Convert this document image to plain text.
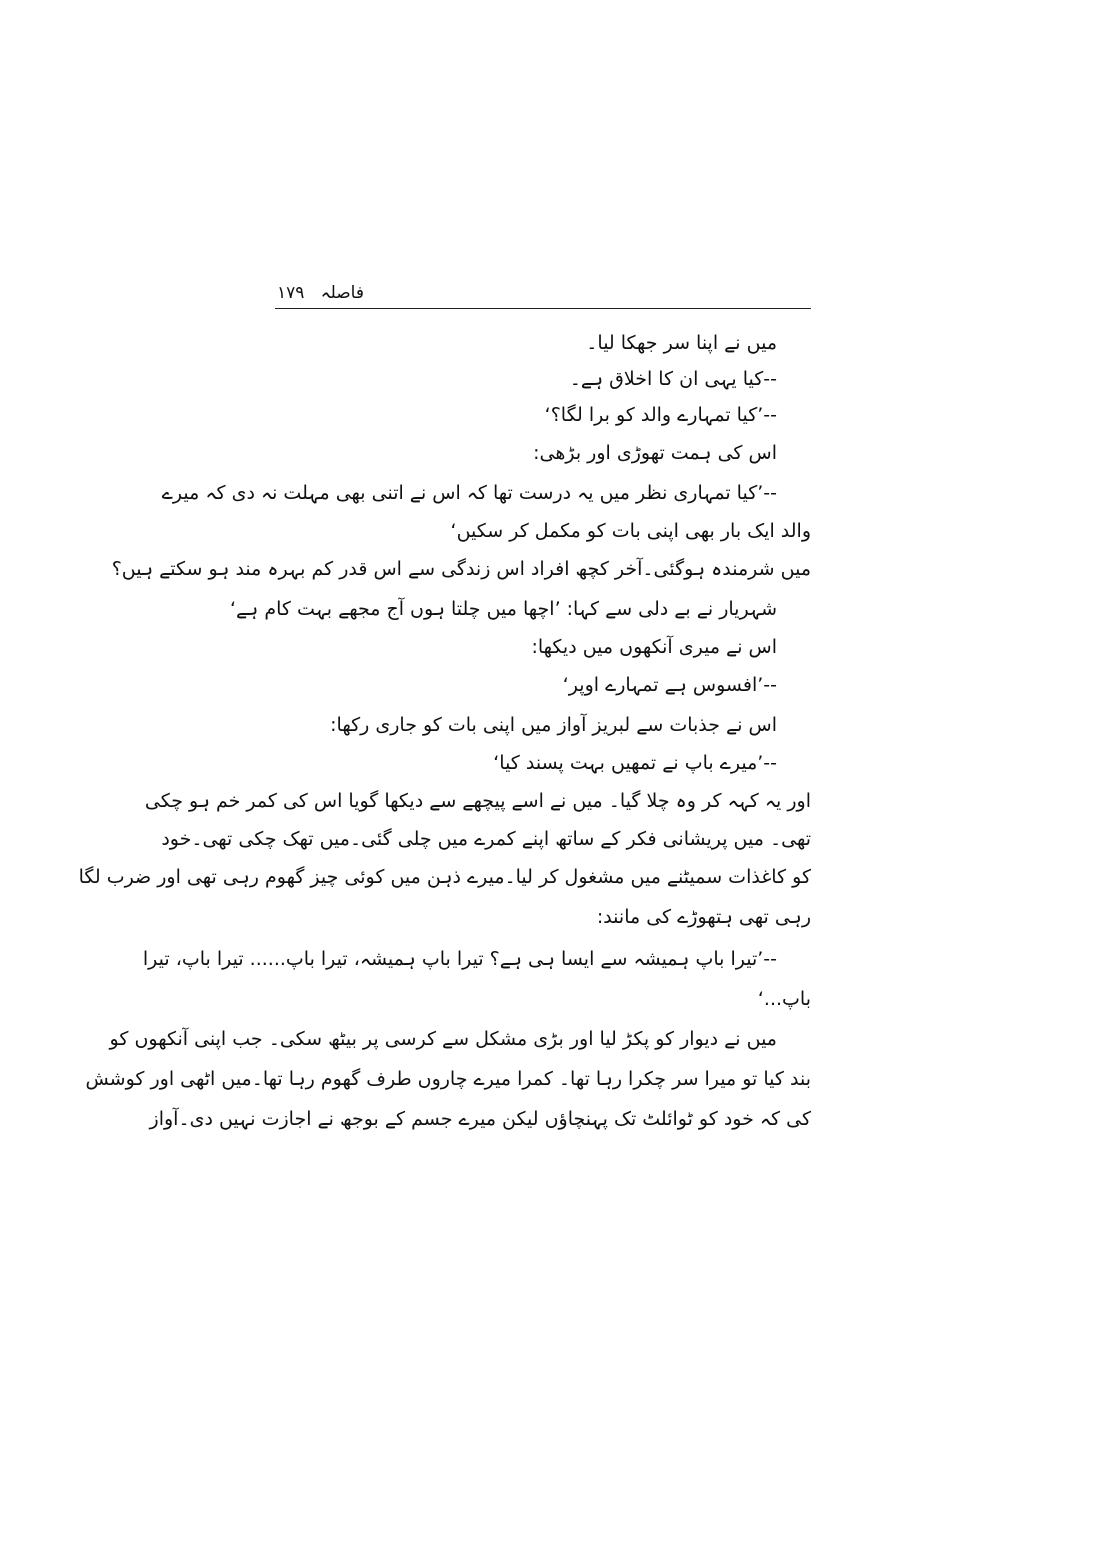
فاصلہ   ۱۷۹
میں نے اپنا سر جھکا لیا۔
--کیا یہی ان کا اخلاق ہے۔
--’کیا تمہارے والد کو برا لگا؟‘
اس کی ہمت تھوڑی اور بڑھی:
--’کیا تمہاری نظر میں یہ درست تھا کہ اس نے اتنی بھی مہلت نہ دی کہ میرے
والد ایک بار بھی اپنی بات کو مکمل کر سکیں‘
میں شرمندہ ہوگئی۔آخر کچھ افراد اس زندگی سے اس قدر کم بہرہ مند ہو سکتے ہیں؟
شہریار نے بے دلی سے کہا: ’اچھا میں چلتا ہوں آج مجھے بہت کام ہے‘
اس نے میری آنکھوں میں دیکھا:
--’افسوس ہے تمہارے اوپر‘
اس نے جذبات سے لبریز آواز میں اپنی بات کو جاری رکھا:
--’میرے باپ نے تمھیں بہت پسند کیا‘
اور یہ کہہ کر وہ چلا گیا۔ میں نے اسے پیچھے سے دیکھا گویا اس کی کمر خم ہو چکی
تھی۔ میں پریشانی فکر کے ساتھ اپنے کمرے میں چلی گئی۔میں تھک چکی تھی۔خود
کو کاغذات سمیٹنے میں مشغول کر لیا۔میرے ذہن میں کوئی چیز گھوم رہی تھی اور ضرب لگا
رہی تھی ہتھوڑے کی مانند:
--’تیرا باپ ہمیشہ سے ایسا ہی ہے؟ تیرا باپ ہمیشہ، تیرا باپ...... تیرا باپ، تیرا
باپ...‘
میں نے دیوار کو پکڑ لیا اور بڑی مشکل سے کرسی پر بیٹھ سکی۔ جب اپنی آنکھوں کو
بند کیا تو میرا سر چکرا رہا تھا۔ کمرا میرے چاروں طرف گھوم رہا تھا۔میں اٹھی اور کوشش
کی کہ خود کو ٹوائلٹ تک پہنچاؤں لیکن میرے جسم کے بوجھ نے اجازت نہیں دی۔آواز
